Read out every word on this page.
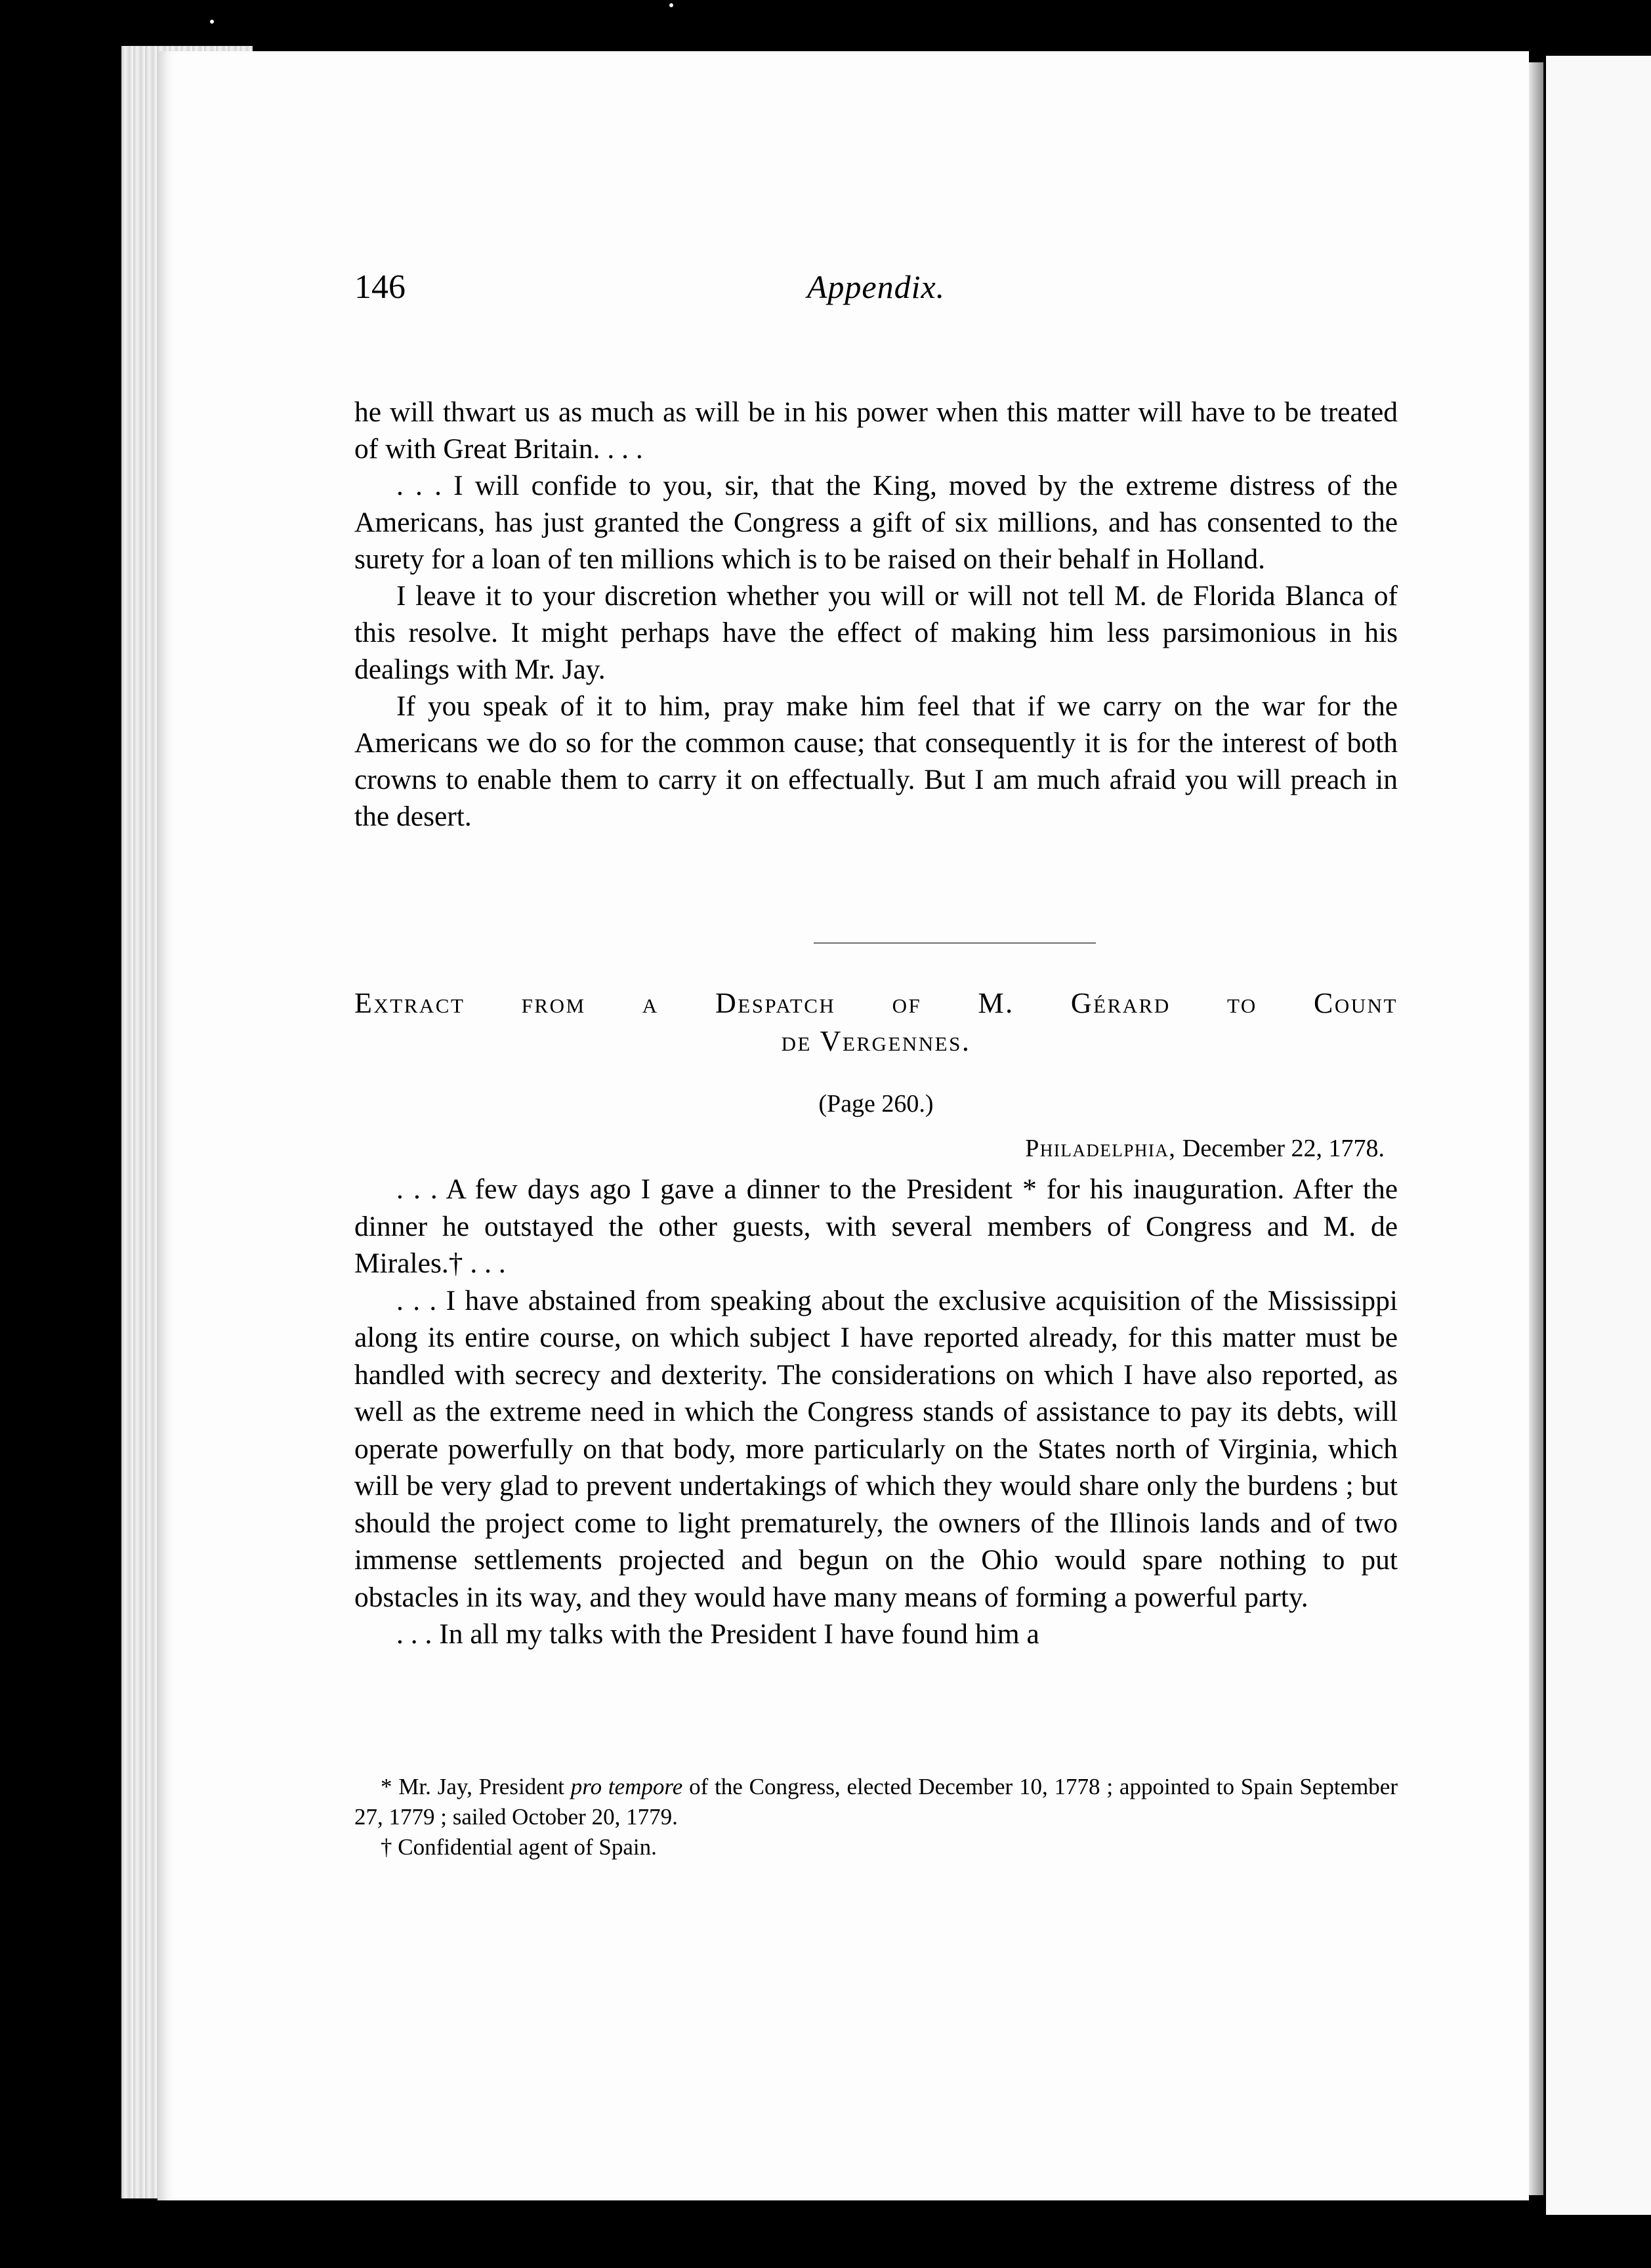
146	Appendix.

he will thwart us as much as will be in his power when this matter will have to be treated of with Great Britain. . . .

. . . I will confide to you, sir, that the King, moved by the extreme distress of the Americans, has just granted the Congress a gift of six millions, and has consented to the surety for a loan of ten millions which is to be raised on their behalf in Holland.

I leave it to your discretion whether you will or will not tell M. de Florida Blanca of this resolve. It might perhaps have the effect of making him less parsimonious in his dealings with Mr. Jay.

If you speak of it to him, pray make him feel that if we carry on the war for the Americans we do so for the common cause; that consequently it is for the interest of both crowns to enable them to carry it on effectually. But I am much afraid you will preach in the desert.

Extract from a Despatch of M. Gérard to Count
de Vergennes.
(Page 260.)
Philadelphia, December 22, 1778.

. . . A few days ago I gave a dinner to the President * for his inauguration. After the dinner he outstayed the other guests, with several members of Congress and M. de Mirales.† . . .

. . . I have abstained from speaking about the exclusive acquisition of the Mississippi along its entire course, on which subject I have reported already, for this matter must be handled with secrecy and dexterity. The considerations on which I have also reported, as well as the extreme need in which the Congress stands of assistance to pay its debts, will operate powerfully on that body, more particularly on the States north of Virginia, which will be very glad to prevent undertakings of which they would share only the burdens ; but should the project come to light prematurely, the owners of the Illinois lands and of two immense settlements projected and begun on the Ohio would spare nothing to put obstacles in its way, and they would have many means of forming a powerful party.

. . . In all my talks with the President I have found him a

* Mr. Jay, President pro tempore of the Congress, elected December 10, 1778 ; appointed to Spain September 27, 1779 ; sailed October 20, 1779.

† Confidential agent of Spain.
